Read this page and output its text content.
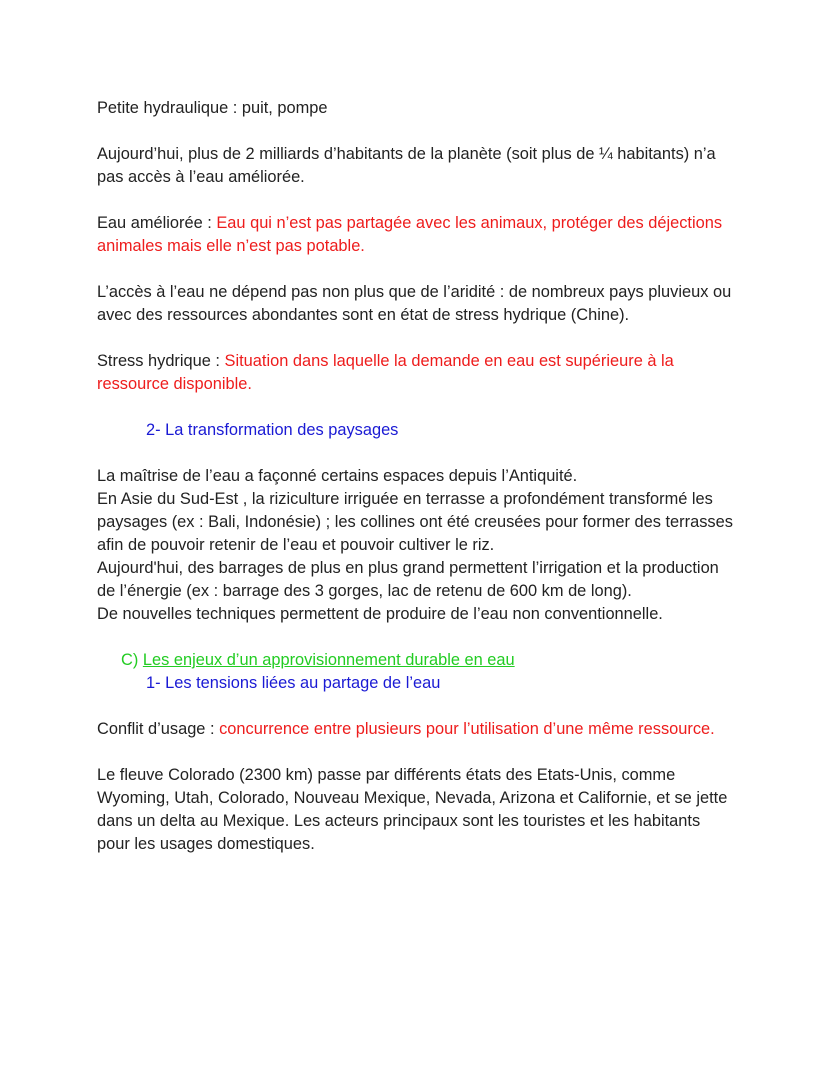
Petite hydraulique : puit, pompe

Aujourd’hui, plus de 2 milliards d’habitants de la planète (soit plus de ¼ habitants) n’a pas accès à l’eau améliorée.

Eau améliorée : Eau qui n’est pas partagée avec les animaux, protéger des déjections animales mais elle n’est pas potable.

L’accès à l’eau ne dépend pas non plus que de l’aridité : de nombreux pays pluvieux ou avec des ressources abondantes sont en état de stress hydrique (Chine).

Stress hydrique : Situation dans laquelle la demande en eau est supérieure à la ressource disponible.

2- La transformation des paysages

La maîtrise de l’eau a façonné certains espaces depuis l’Antiquité.
En Asie du Sud-Est , la riziculture irriguée en terrasse a profondément transformé les paysages (ex : Bali, Indonésie) ; les collines ont été creusées pour former des terrasses afin de pouvoir retenir de l’eau et pouvoir cultiver le riz.
Aujourd'hui, des barrages de plus en plus grand permettent l’irrigation et la production de l’énergie (ex : barrage des 3 gorges, lac de retenu de 600 km de long).
De nouvelles techniques permettent de produire de l’eau non conventionnelle.

C) Les enjeux d’un approvisionnement durable en eau

1- Les tensions liées au partage de l’eau

Conflit d’usage : concurrence entre plusieurs pour l’utilisation d’une même ressource.

Le fleuve Colorado (2300 km) passe par différents états des Etats-Unis, comme Wyoming, Utah, Colorado, Nouveau Mexique, Nevada, Arizona et Californie, et se jette dans un delta au Mexique. Les acteurs principaux sont les touristes et les habitants pour les usages domestiques.
